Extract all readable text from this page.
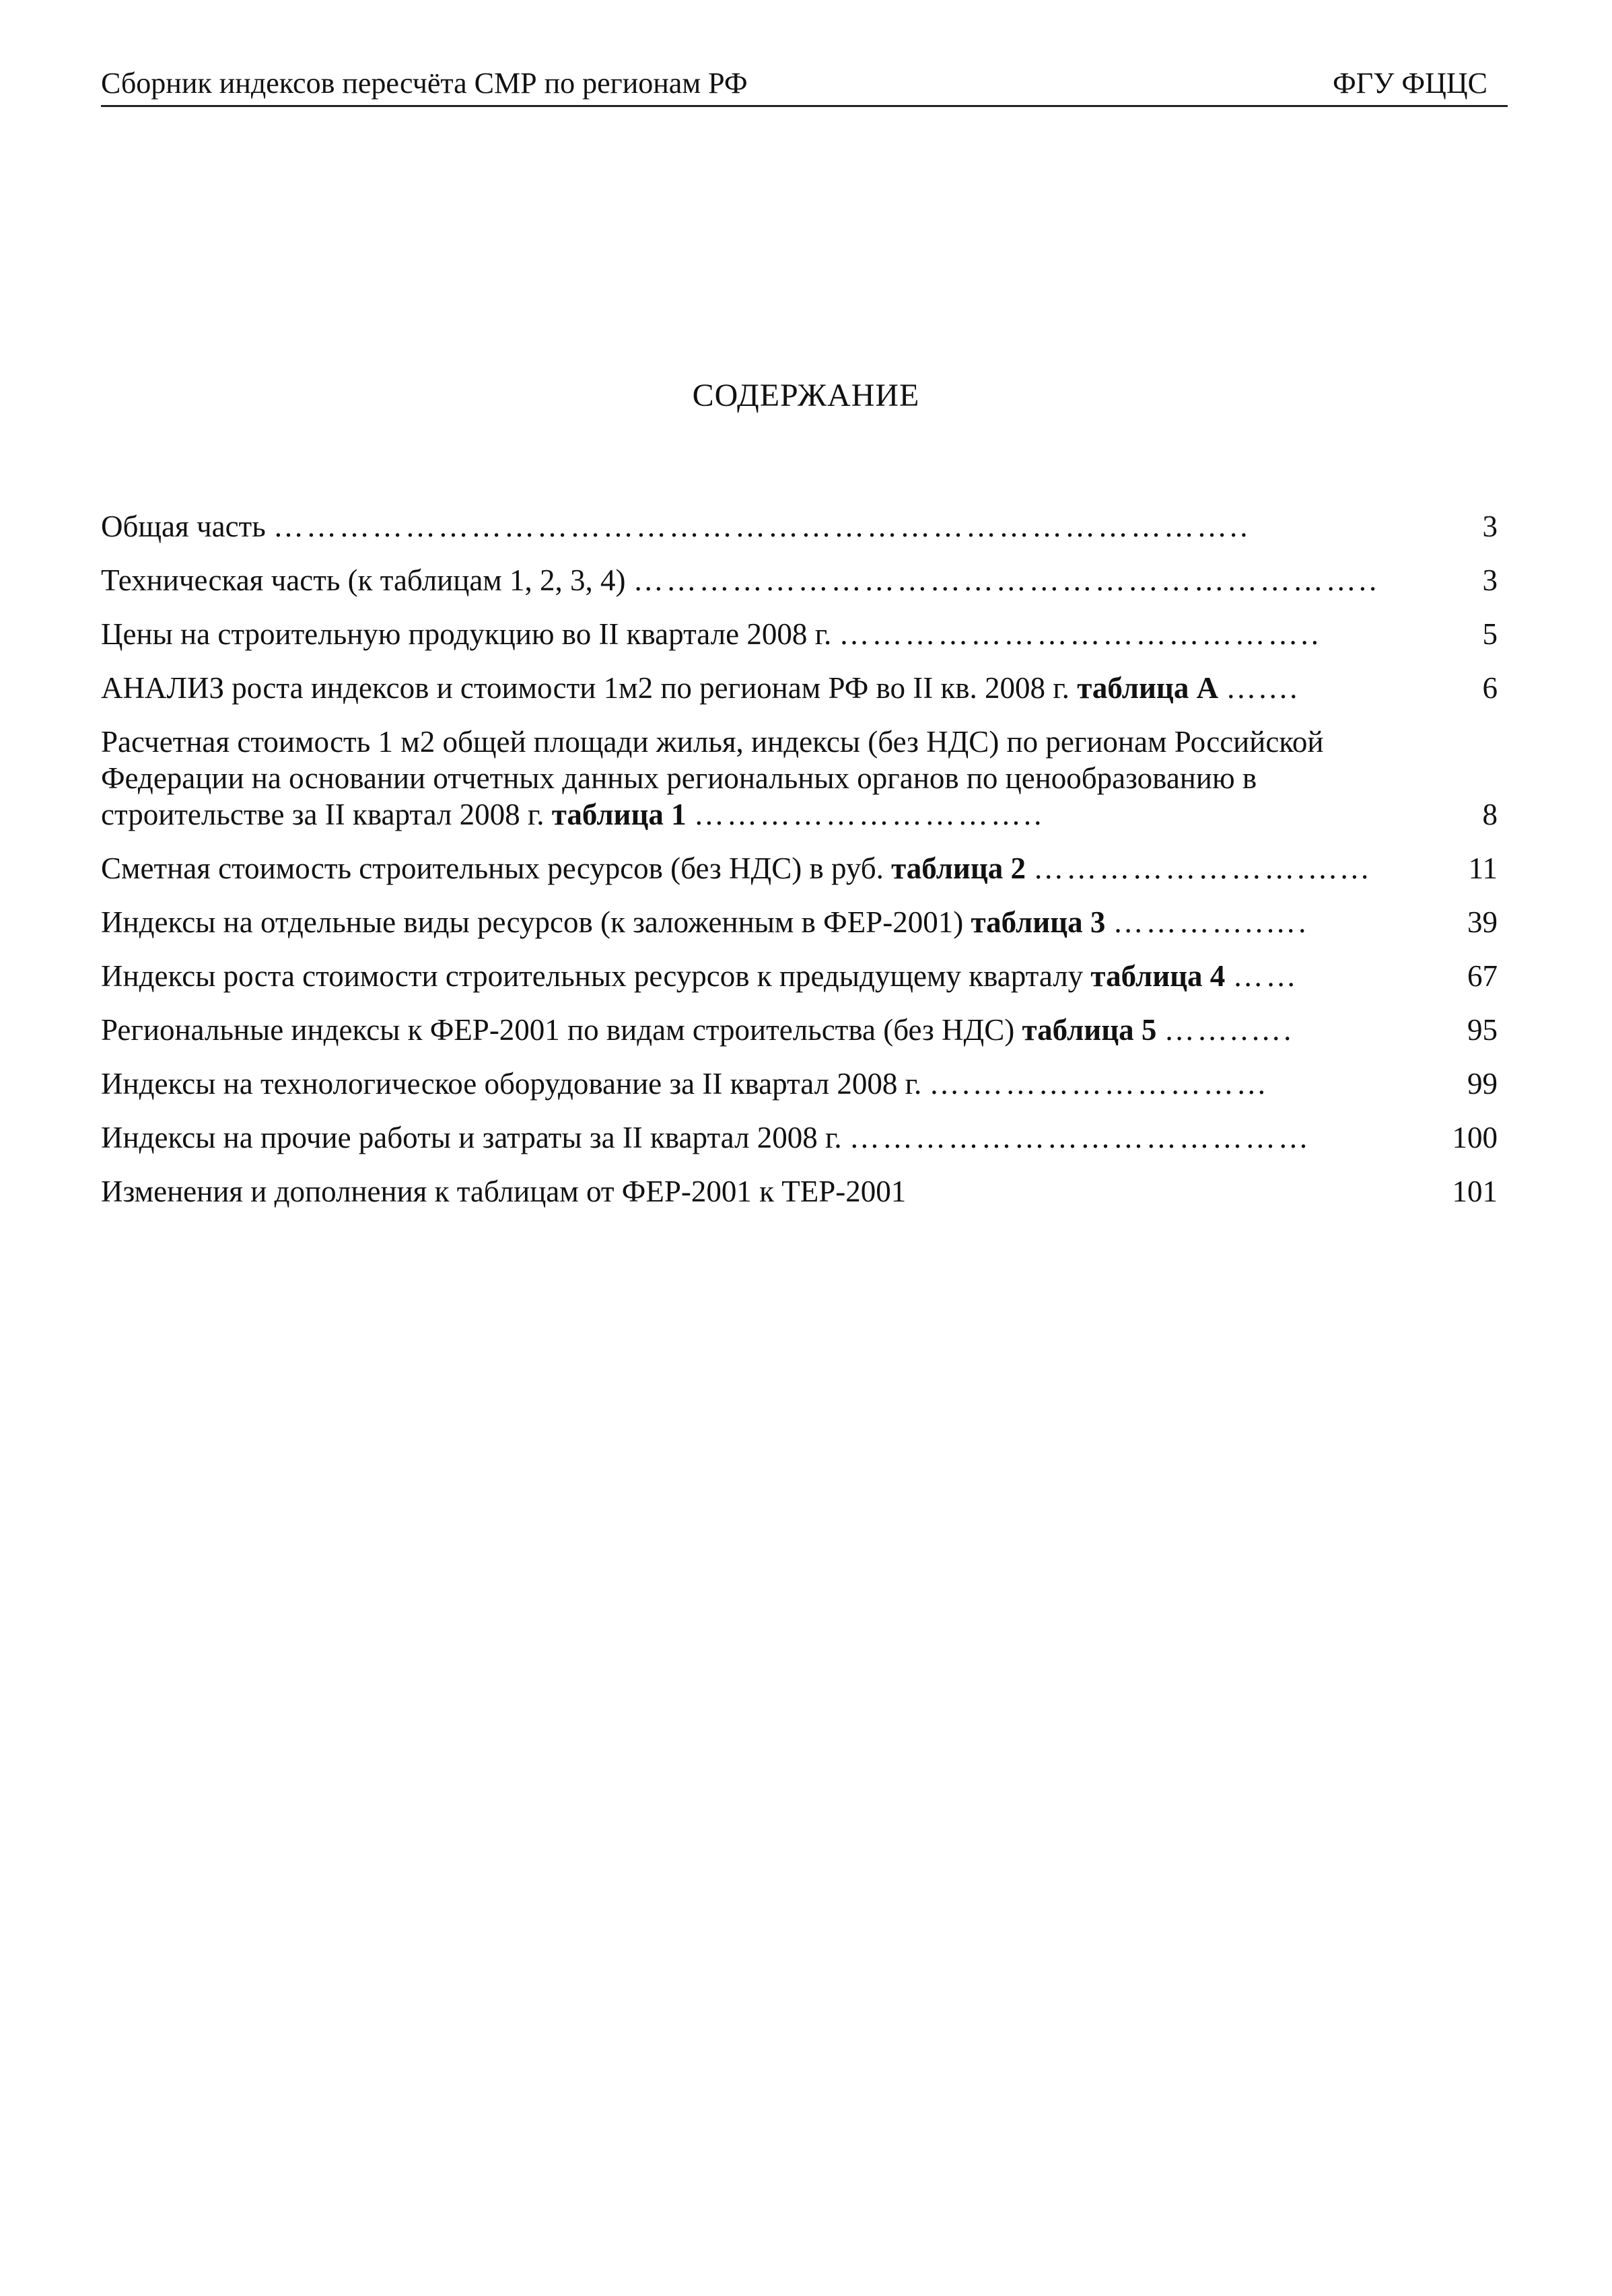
Сборник индексов пересчёта СМР по регионам РФ	ФГУ ФЦЦС
СОДЕРЖАНИЕ
Общая часть ……………………………………………………………………………..	3
Техническая часть (к таблицам 1, 2, 3, 4) …………………………………………………………..	3
Цены на строительную продукцию во II квартале 2008 г. ……………………………………..	5
АНАЛИЗ роста индексов и стоимости 1м2 по регионам РФ во II кв. 2008 г. таблица А …....	6
Расчетная стоимость 1 м2 общей площади жилья, индексы (без НДС) по регионам Российской Федерации на основании отчетных данных региональных органов по ценообразованию в строительстве за II квартал 2008 г. таблица 1 …………………………..	8
Сметная стоимость строительных ресурсов (без НДС) в руб. таблица 2 …………………….…...	11
Индексы на отдельные виды ресурсов (к заложенным в ФЕР-2001) таблица 3 …………..….	39
Индексы роста стоимости строительных ресурсов к предыдущему кварталу таблица 4 ……	67
Региональные индексы к ФЕР-2001 по видам строительства (без НДС) таблица 5 ……..….	95
Индексы на технологическое оборудование за II квартал 2008 г. ….………………………	99
Индексы на прочие работы и затраты за II квартал 2008 г. ……………………………………	100
Изменения и дополнения к таблицам от ФЕР-2001 к ТЕР-2001	101
